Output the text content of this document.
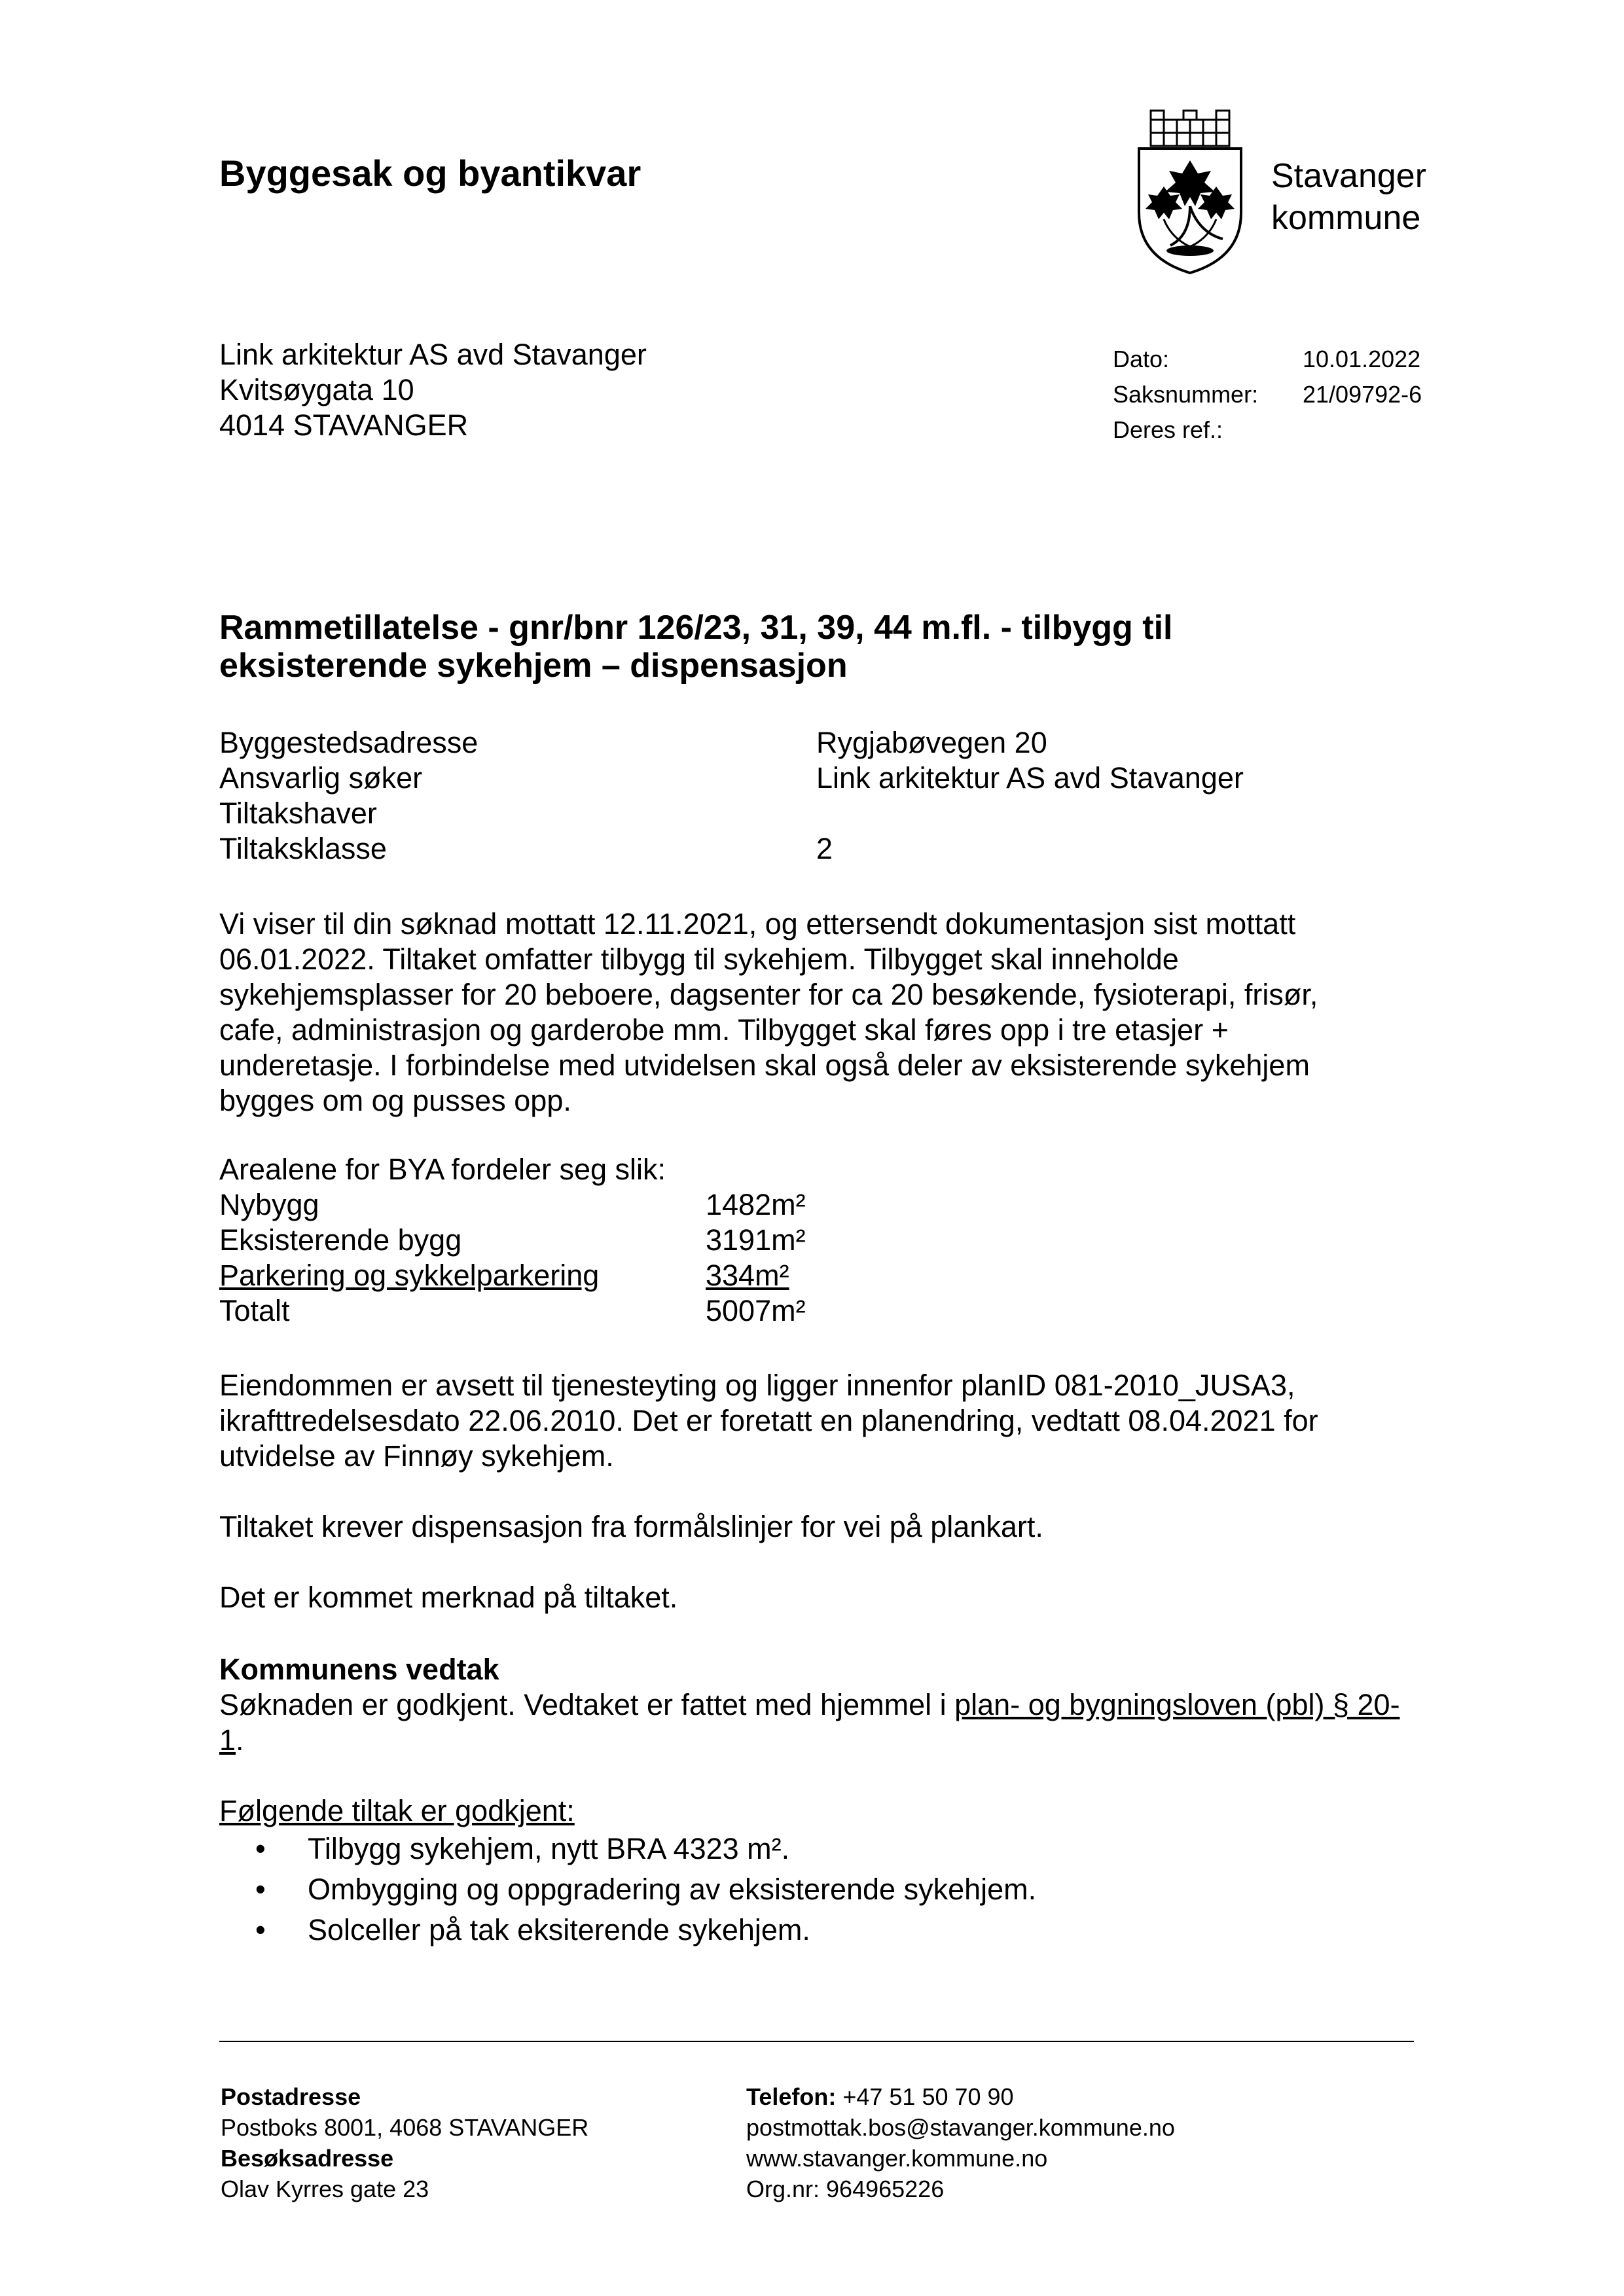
Byggesak og byantikvar	Stavanger
kommune
Link arkitektur AS avd Stavanger
Kvitsøygata 10
4014 STAVANGER
Dato:	10.01.2022
Saksnummer:	21/09792-6
Deres ref.:
Rammetillatelse - gnr/bnr 126/23, 31, 39, 44 m.fl. - tilbygg til
eksisterende sykehjem – dispensasjon
Byggestedsadresse	Rygjabøvegen 20
Ansvarlig søker	Link arkitektur AS avd Stavanger
Tiltakshaver
Tiltaksklasse	2
Vi viser til din søknad mottatt 12.11.2021, og ettersendt dokumentasjon sist mottatt
06.01.2022. Tiltaket omfatter tilbygg til sykehjem. Tilbygget skal inneholde
sykehjemsplasser for 20 beboere, dagsenter for ca 20 besøkende, fysioterapi, frisør,
cafe, administrasjon og garderobe mm. Tilbygget skal føres opp i tre etasjer +
underetasje. I forbindelse med utvidelsen skal også deler av eksisterende sykehjem
bygges om og pusses opp.
Arealene for BYA fordeler seg slik:
Nybygg	1482m²
Eksisterende bygg	3191m²
Parkering og sykkelparkering	334m²
Totalt	5007m²
Eiendommen er avsett til tjenesteyting og ligger innenfor planID 081-2010_JUSA3,
ikrafttredelsesdato 22.06.2010. Det er foretatt en planendring, vedtatt 08.04.2021 for
utvidelse av Finnøy sykehjem.
Tiltaket krever dispensasjon fra formålslinjer for vei på plankart.
Det er kommet merknad på tiltaket.
Kommunens vedtak
Søknaden er godkjent. Vedtaket er fattet med hjemmel i plan- og bygningsloven (pbl) § 20-
1.
Følgende tiltak er godkjent:
• Tilbygg sykehjem, nytt BRA 4323 m².
• Ombygging og oppgradering av eksisterende sykehjem.
• Solceller på tak eksiterende sykehjem.
Postadresse
Postboks 8001, 4068 STAVANGER
Besøksadresse
Olav Kyrres gate 23
Telefon: +47 51 50 70 90
postmottak.bos@stavanger.kommune.no
www.stavanger.kommune.no
Org.nr: 964965226
